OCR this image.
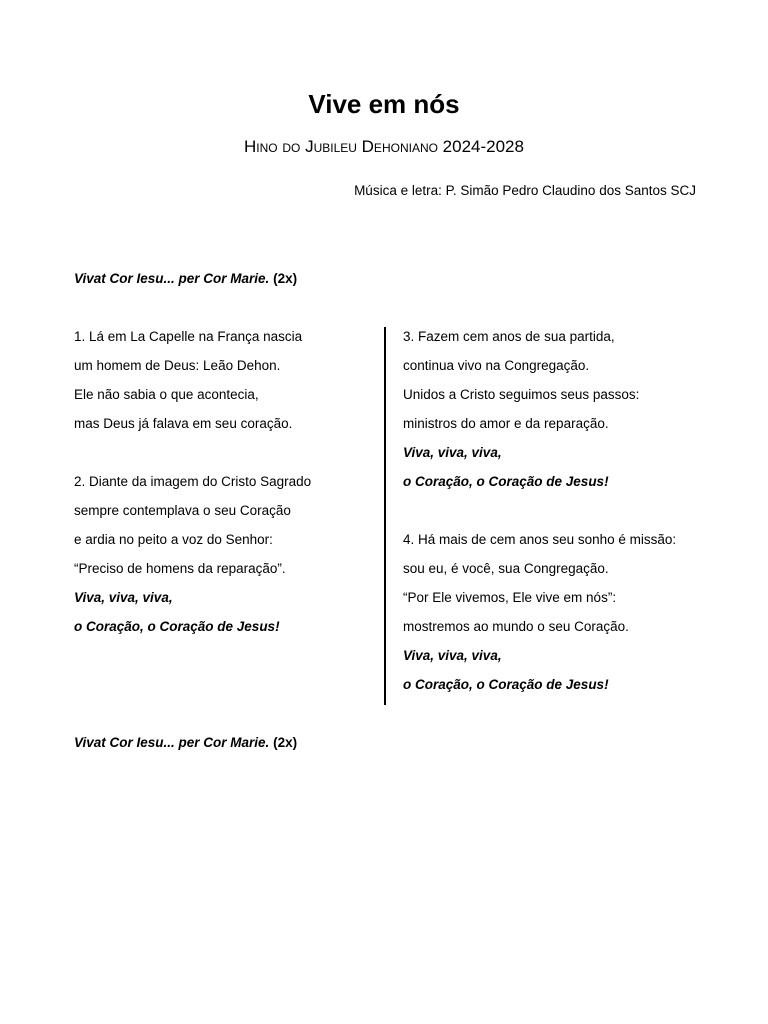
Vive em nós
Hino do Jubileu Dehoniano 2024-2028
Música e letra: P. Simão Pedro Claudino dos Santos SCJ
Vivat Cor Iesu... per Cor Marie. (2x)
1. Lá em La Capelle na França nascia
um homem de Deus: Leão Dehon.
Ele não sabia o que acontecia,
mas Deus já falava em seu coração.
2. Diante da imagem do Cristo Sagrado
sempre contemplava o seu Coração
e ardia no peito a voz do Senhor:
“Preciso de homens da reparação”.
Viva, viva, viva,
o Coração, o Coração de Jesus!
3. Fazem cem anos de sua partida,
continua vivo na Congregação.
Unidos a Cristo seguimos seus passos:
ministros do amor e da reparação.
Viva, viva, viva,
o Coração, o Coração de Jesus!
4. Há mais de cem anos seu sonho é missão:
sou eu, é você, sua Congregação.
“Por Ele vivemos, Ele vive em nós”:
mostremos ao mundo o seu Coração.
Viva, viva, viva,
o Coração, o Coração de Jesus!
Vivat Cor Iesu... per Cor Marie. (2x)
